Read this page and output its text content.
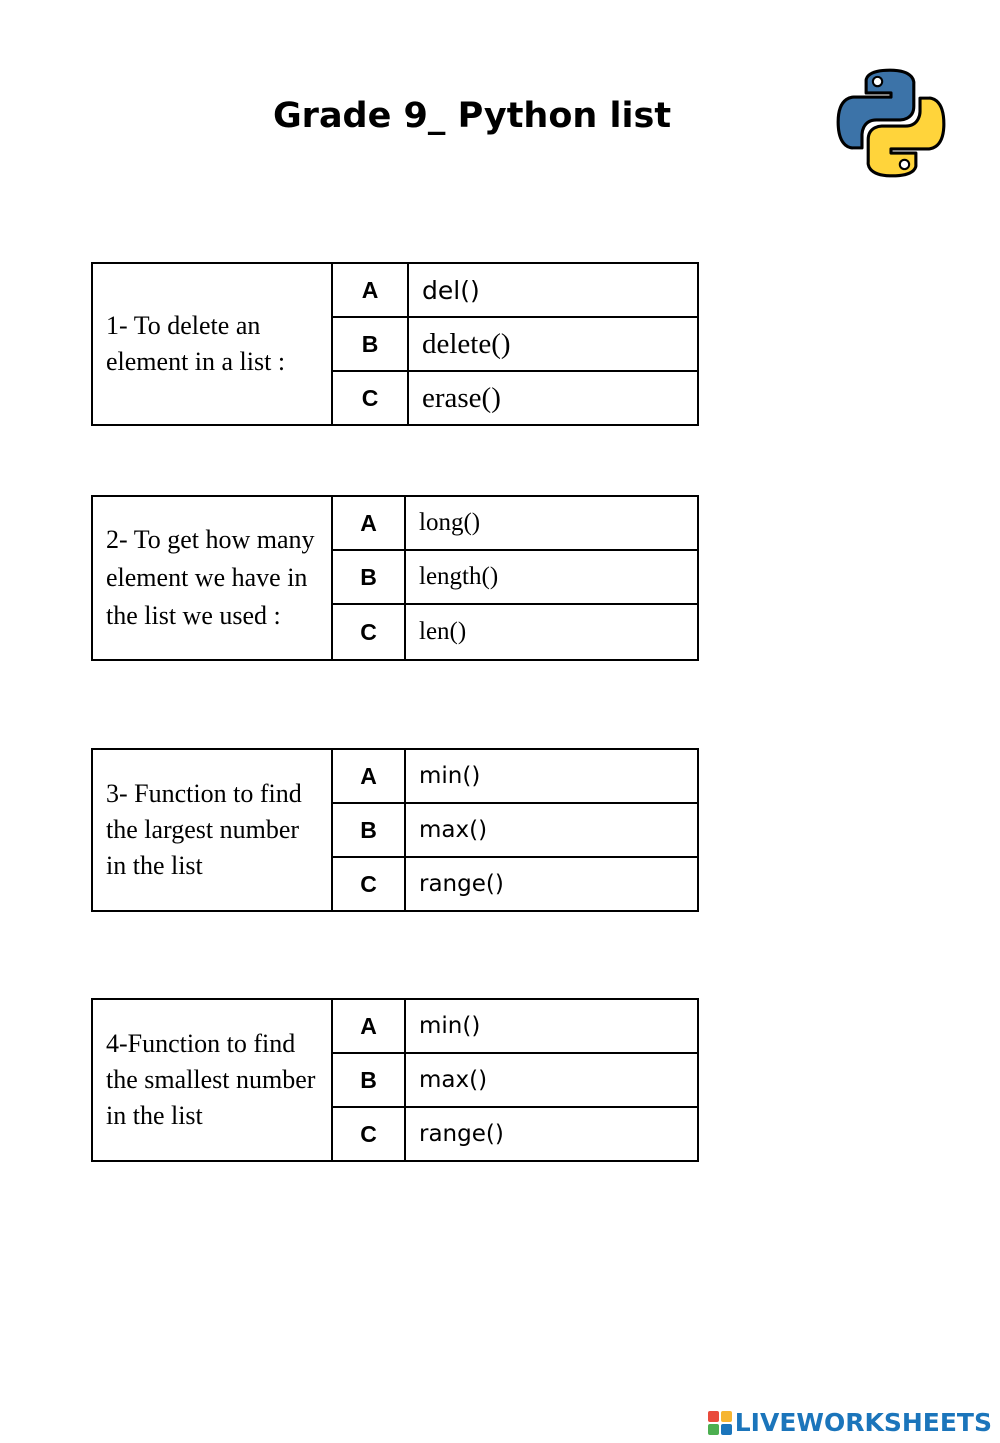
Grade 9_ Python list
1- To delete an element in a list :	A	del()
	B	delete()
	C	erase()
2- To get how many element we have in the list we used :	A	long()
	B	length()
	C	len()
3- Function to find the largest number in the list	A	min()
	B	max()
	C	range()
4-Function to find the smallest number in the list	A	min()
	B	max()
	C	range()
LIVEWORKSHEETS
